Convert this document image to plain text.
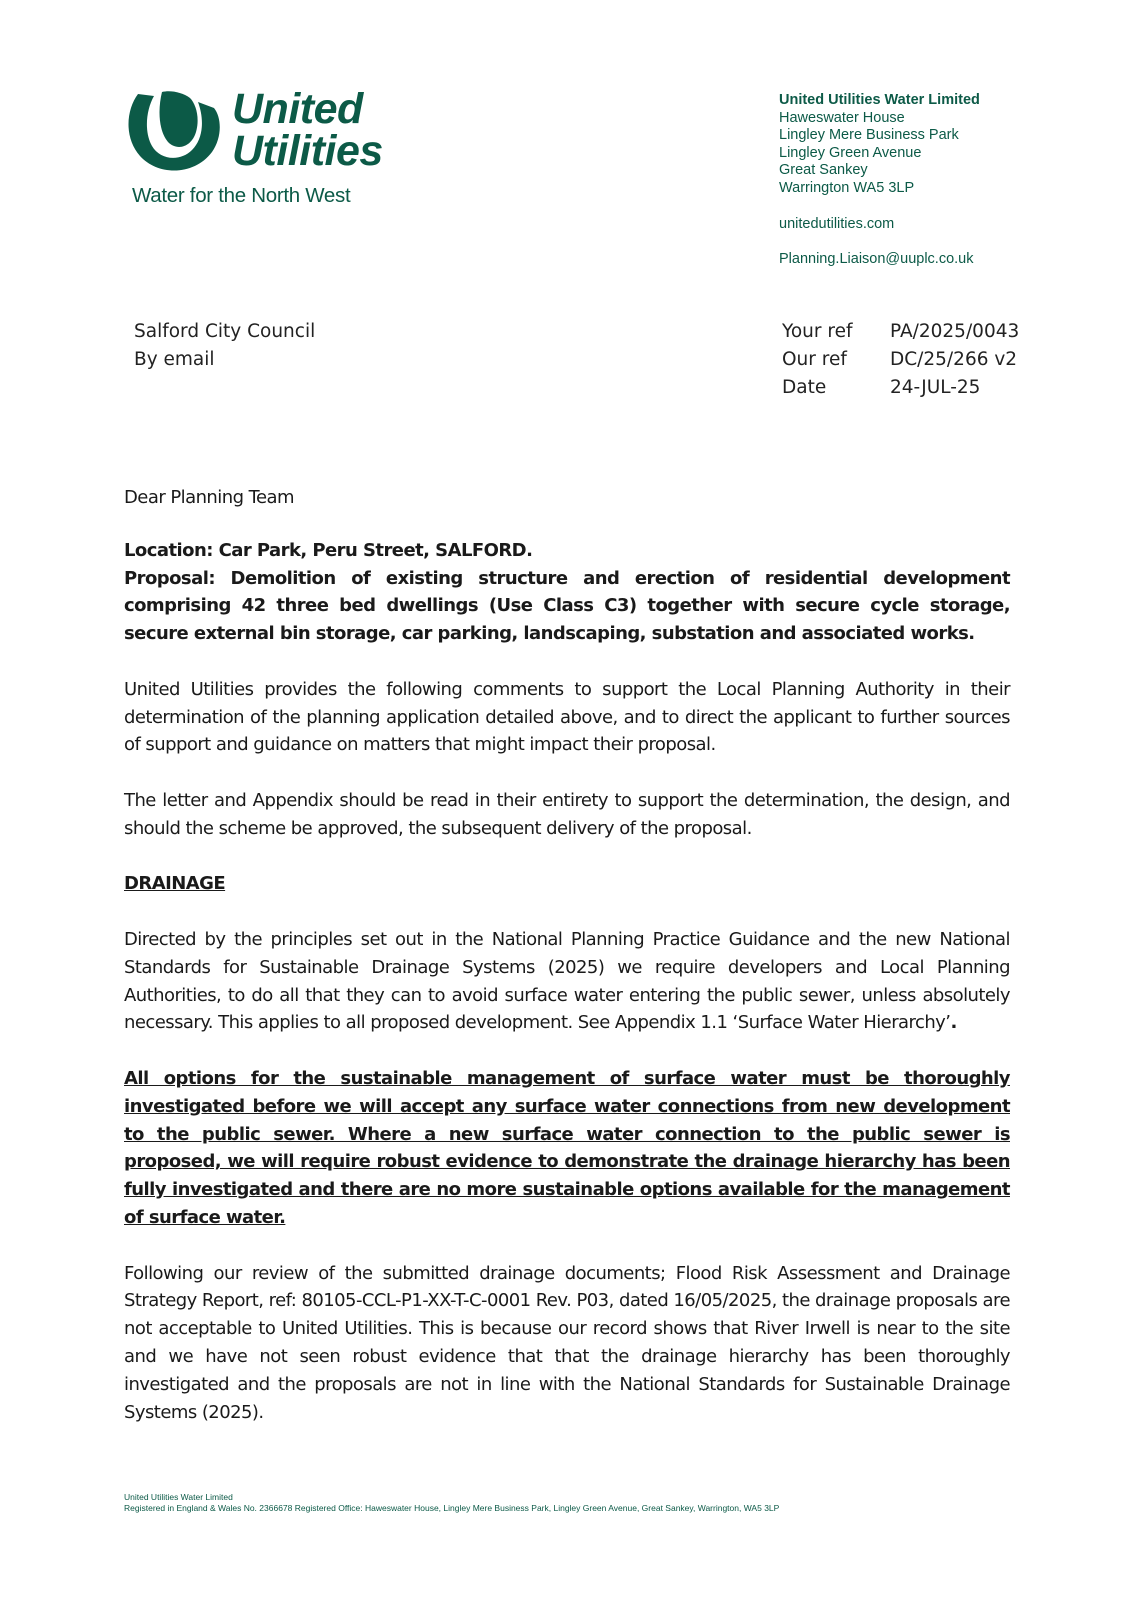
United
Utilities
Water for the North West
United Utilities Water Limited
Haweswater House
Lingley Mere Business Park
Lingley Green Avenue
Great Sankey
Warrington WA5 3LP
unitedutilities.com
Planning.Liaison@uuplc.co.uk
Salford City Council
By email
Your ref	PA/2025/0043
Our ref	DC/25/266 v2
Date	24-JUL-25

Dear Planning Team

Location: Car Park, Peru Street, SALFORD.

Proposal: Demolition of existing structure and erection of residential development comprising 42 three bed dwellings (Use Class C3) together with secure cycle storage, secure external bin storage, car parking, landscaping, substation and associated works.

United Utilities provides the following comments to support the Local Planning Authority in their determination of the planning application detailed above, and to direct the applicant to further sources of support and guidance on matters that might impact their proposal.

The letter and Appendix should be read in their entirety to support the determination, the design, and should the scheme be approved, the subsequent delivery of the proposal.

DRAINAGE

Directed by the principles set out in the National Planning Practice Guidance and the new National Standards for Sustainable Drainage Systems (2025) we require developers and Local Planning Authorities, to do all that they can to avoid surface water entering the public sewer, unless absolutely necessary. This applies to all proposed development. See Appendix 1.1 ‘Surface Water Hierarchy’.

All options for the sustainable management of surface water must be thoroughly investigated before we will accept any surface water connections from new development to the public sewer. Where a new surface water connection to the public sewer is proposed, we will require robust evidence to demonstrate the drainage hierarchy has been fully investigated and there are no more sustainable options available for the management of surface water.

Following our review of the submitted drainage documents; Flood Risk Assessment and Drainage Strategy Report, ref: 80105-CCL-P1-XX-T-C-0001 Rev. P03, dated 16/05/2025, the drainage proposals are not acceptable to United Utilities. This is because our record shows that River Irwell is near to the site and we have not seen robust evidence that that the drainage hierarchy has been thoroughly investigated and the proposals are not in line with the National Standards for Sustainable Drainage Systems (2025).

United Utilities Water Limited
Registered in England & Wales No. 2366678 Registered Office: Haweswater House, Lingley Mere Business Park, Lingley Green Avenue, Great Sankey, Warrington, WA5 3LP
